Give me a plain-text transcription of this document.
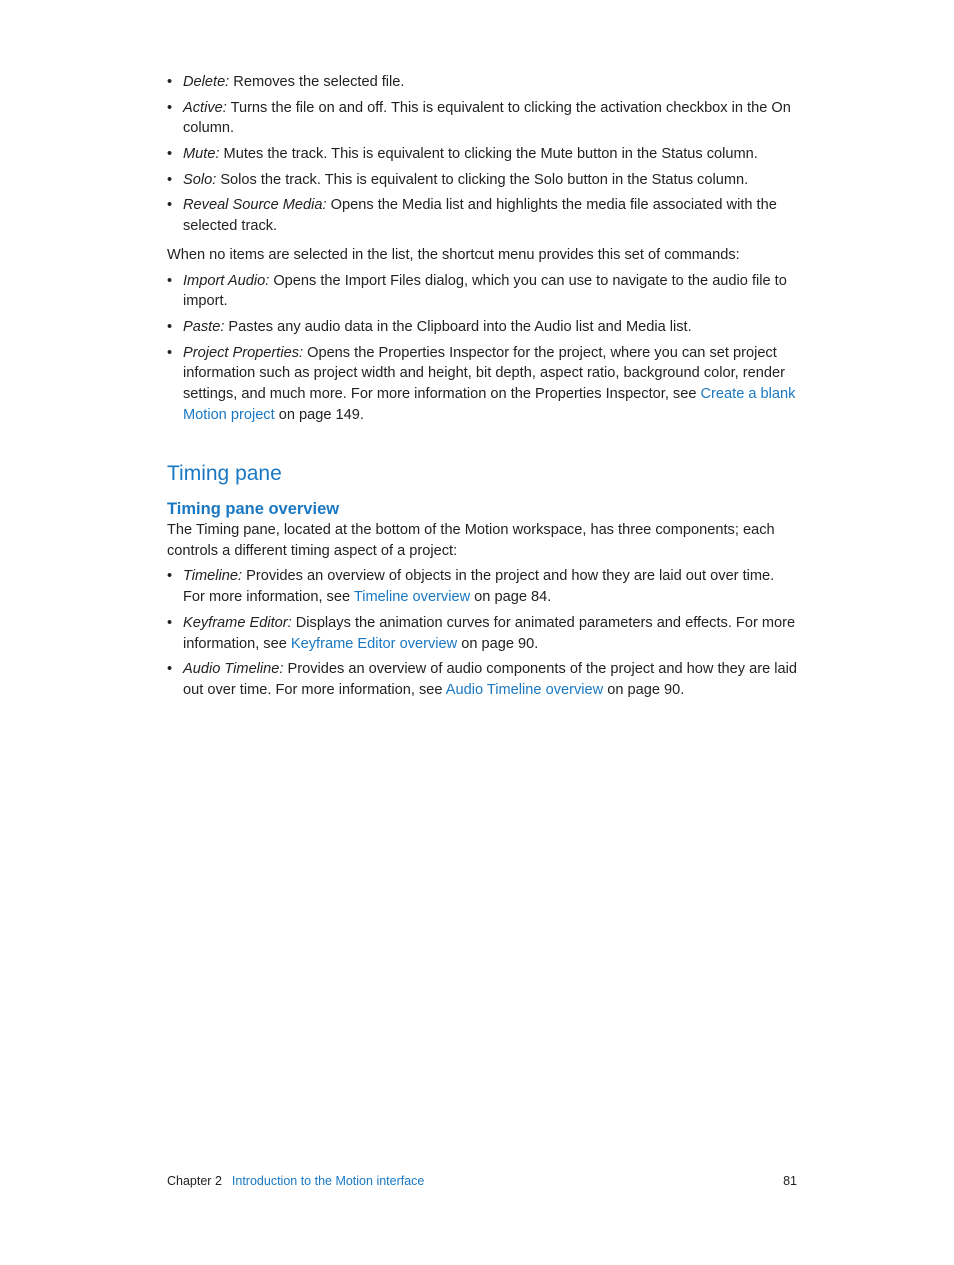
• Delete: Removes the selected file.
• Active: Turns the file on and off. This is equivalent to clicking the activation checkbox in the On column.
• Mute: Mutes the track. This is equivalent to clicking the Mute button in the Status column.
• Solo: Solos the track. This is equivalent to clicking the Solo button in the Status column.
• Reveal Source Media: Opens the Media list and highlights the media file associated with the selected track.

When no items are selected in the list, the shortcut menu provides this set of commands:

• Import Audio: Opens the Import Files dialog, which you can use to navigate to the audio file to import.
• Paste: Pastes any audio data in the Clipboard into the Audio list and Media list.
• Project Properties: Opens the Properties Inspector for the project, where you can set project information such as project width and height, bit depth, aspect ratio, background color, render settings, and much more. For more information on the Properties Inspector, see Create a blank Motion project on page 149.
Timing pane
Timing pane overview

The Timing pane, located at the bottom of the Motion workspace, has three components; each controls a different timing aspect of a project:

• Timeline: Provides an overview of objects in the project and how they are laid out over time. For more information, see Timeline overview on page 84.
• Keyframe Editor: Displays the animation curves for animated parameters and effects. For more information, see Keyframe Editor overview on page 90.
• Audio Timeline: Provides an overview of audio components of the project and how they are laid out over time. For more information, see Audio Timeline overview on page 90.
Chapter 2 Introduction to the Motion interface	81
